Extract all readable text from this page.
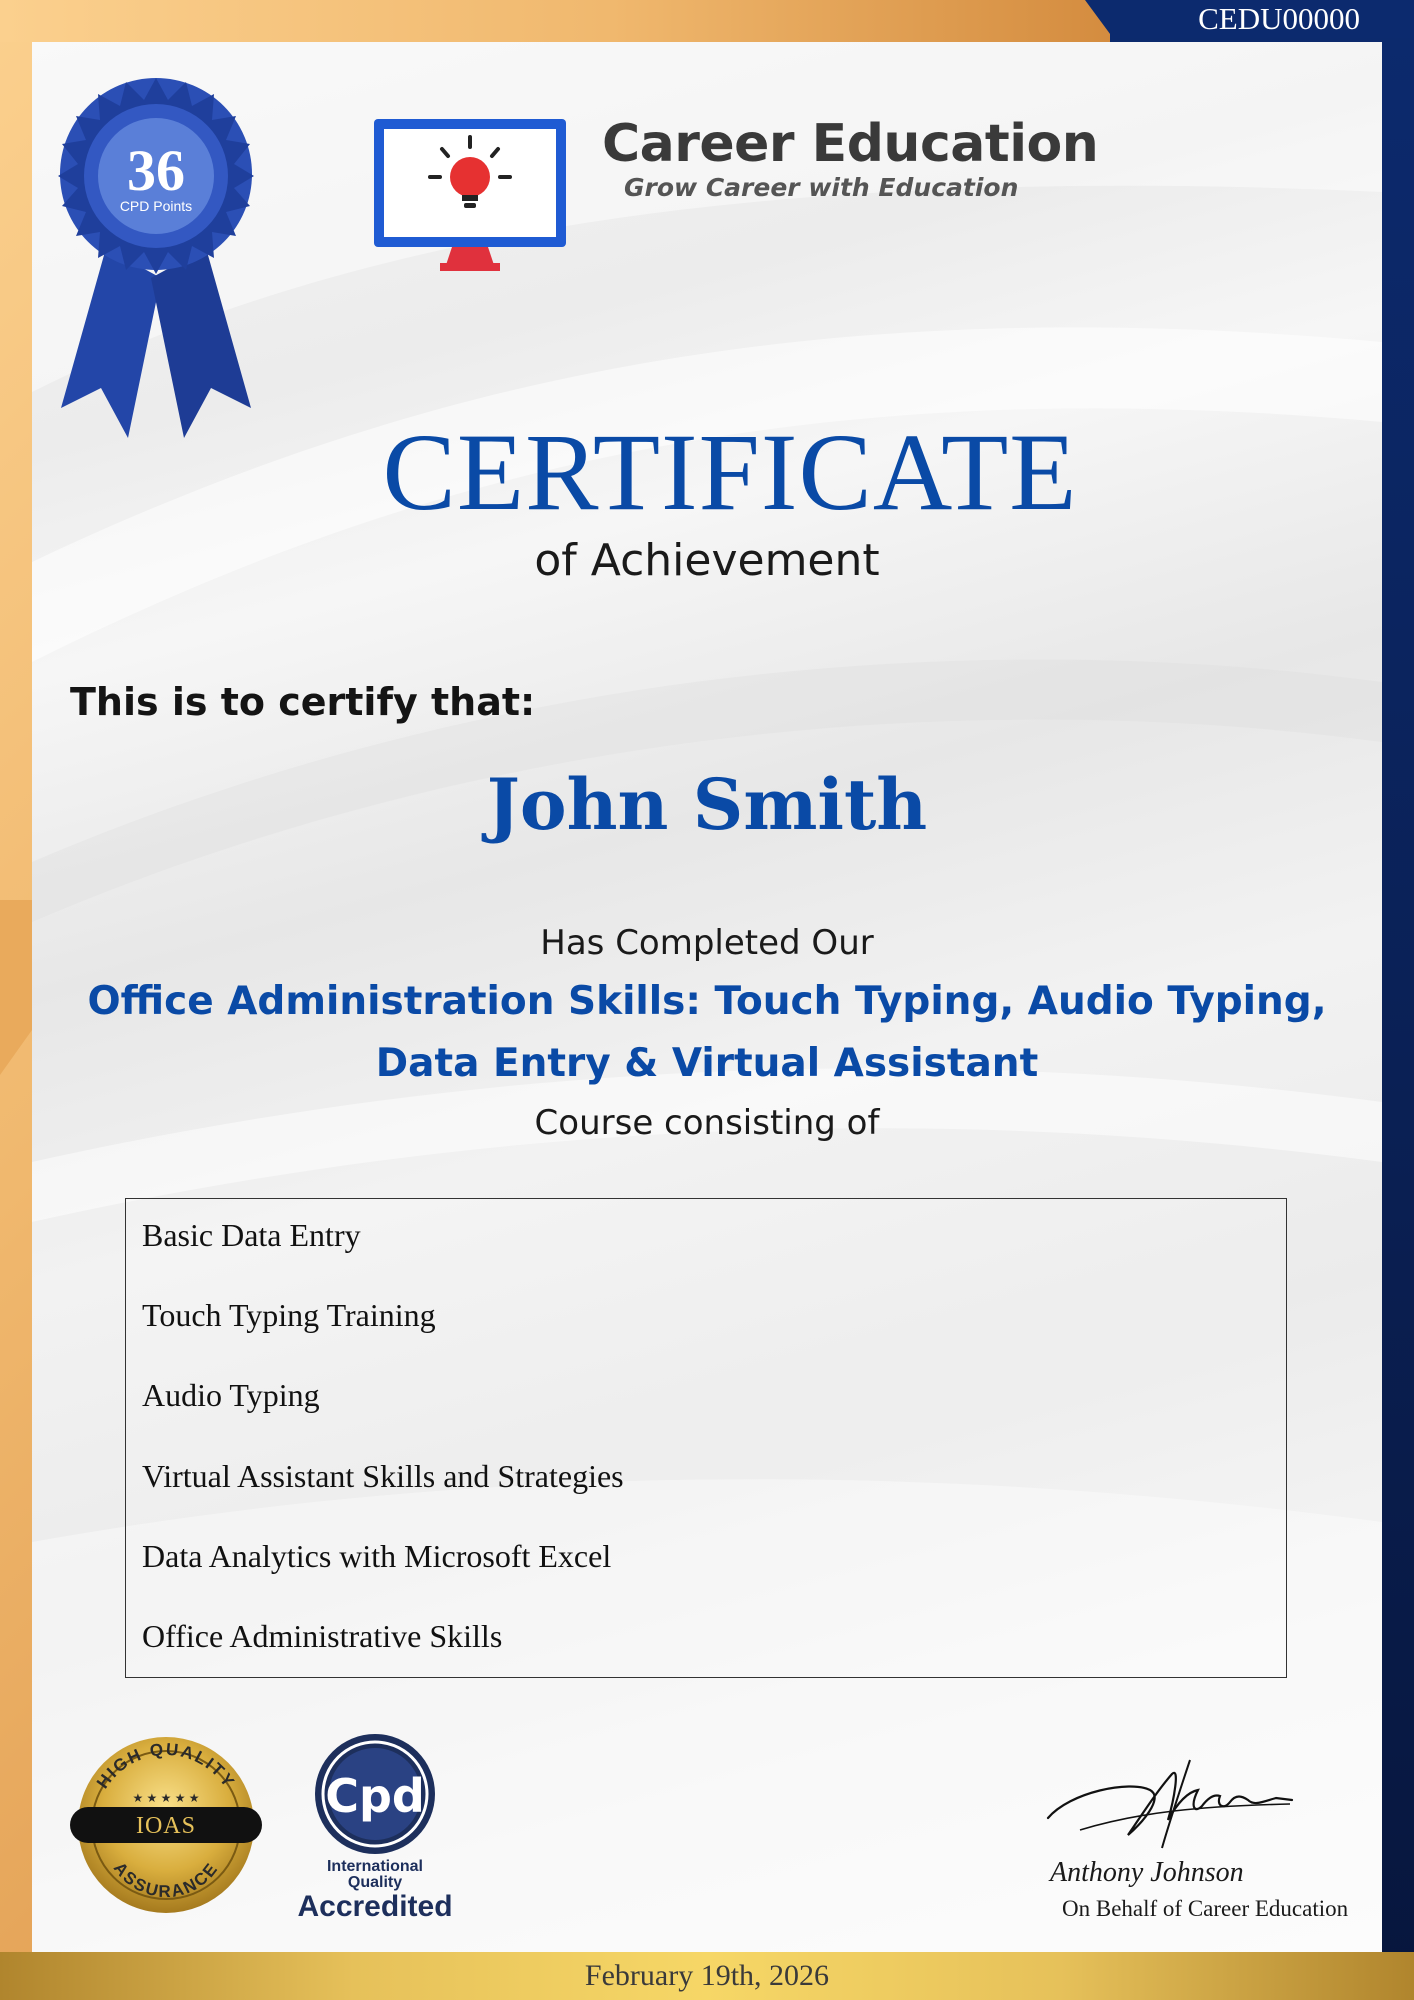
CEDU00000
36
CPD Points
Career Education
Grow Career with Education
CERTIFICATE
of Achievement
This is to certify that:
John Smith
Has Completed Our
Office Administration Skills: Touch Typing, Audio Typing,
Data Entry & Virtual Assistant
Course consisting of
Basic Data Entry
Touch Typing Training
Audio Typing
Virtual Assistant Skills and Strategies
Data Analytics with Microsoft Excel
Office Administrative Skills
HIGH QUALITY
ASSURANCE
★ ★ ★ ★ ★
IOAS
Cpd
International
Quality
Accredited
Anthony Johnson
On Behalf of Career Education
February 19th, 2026
